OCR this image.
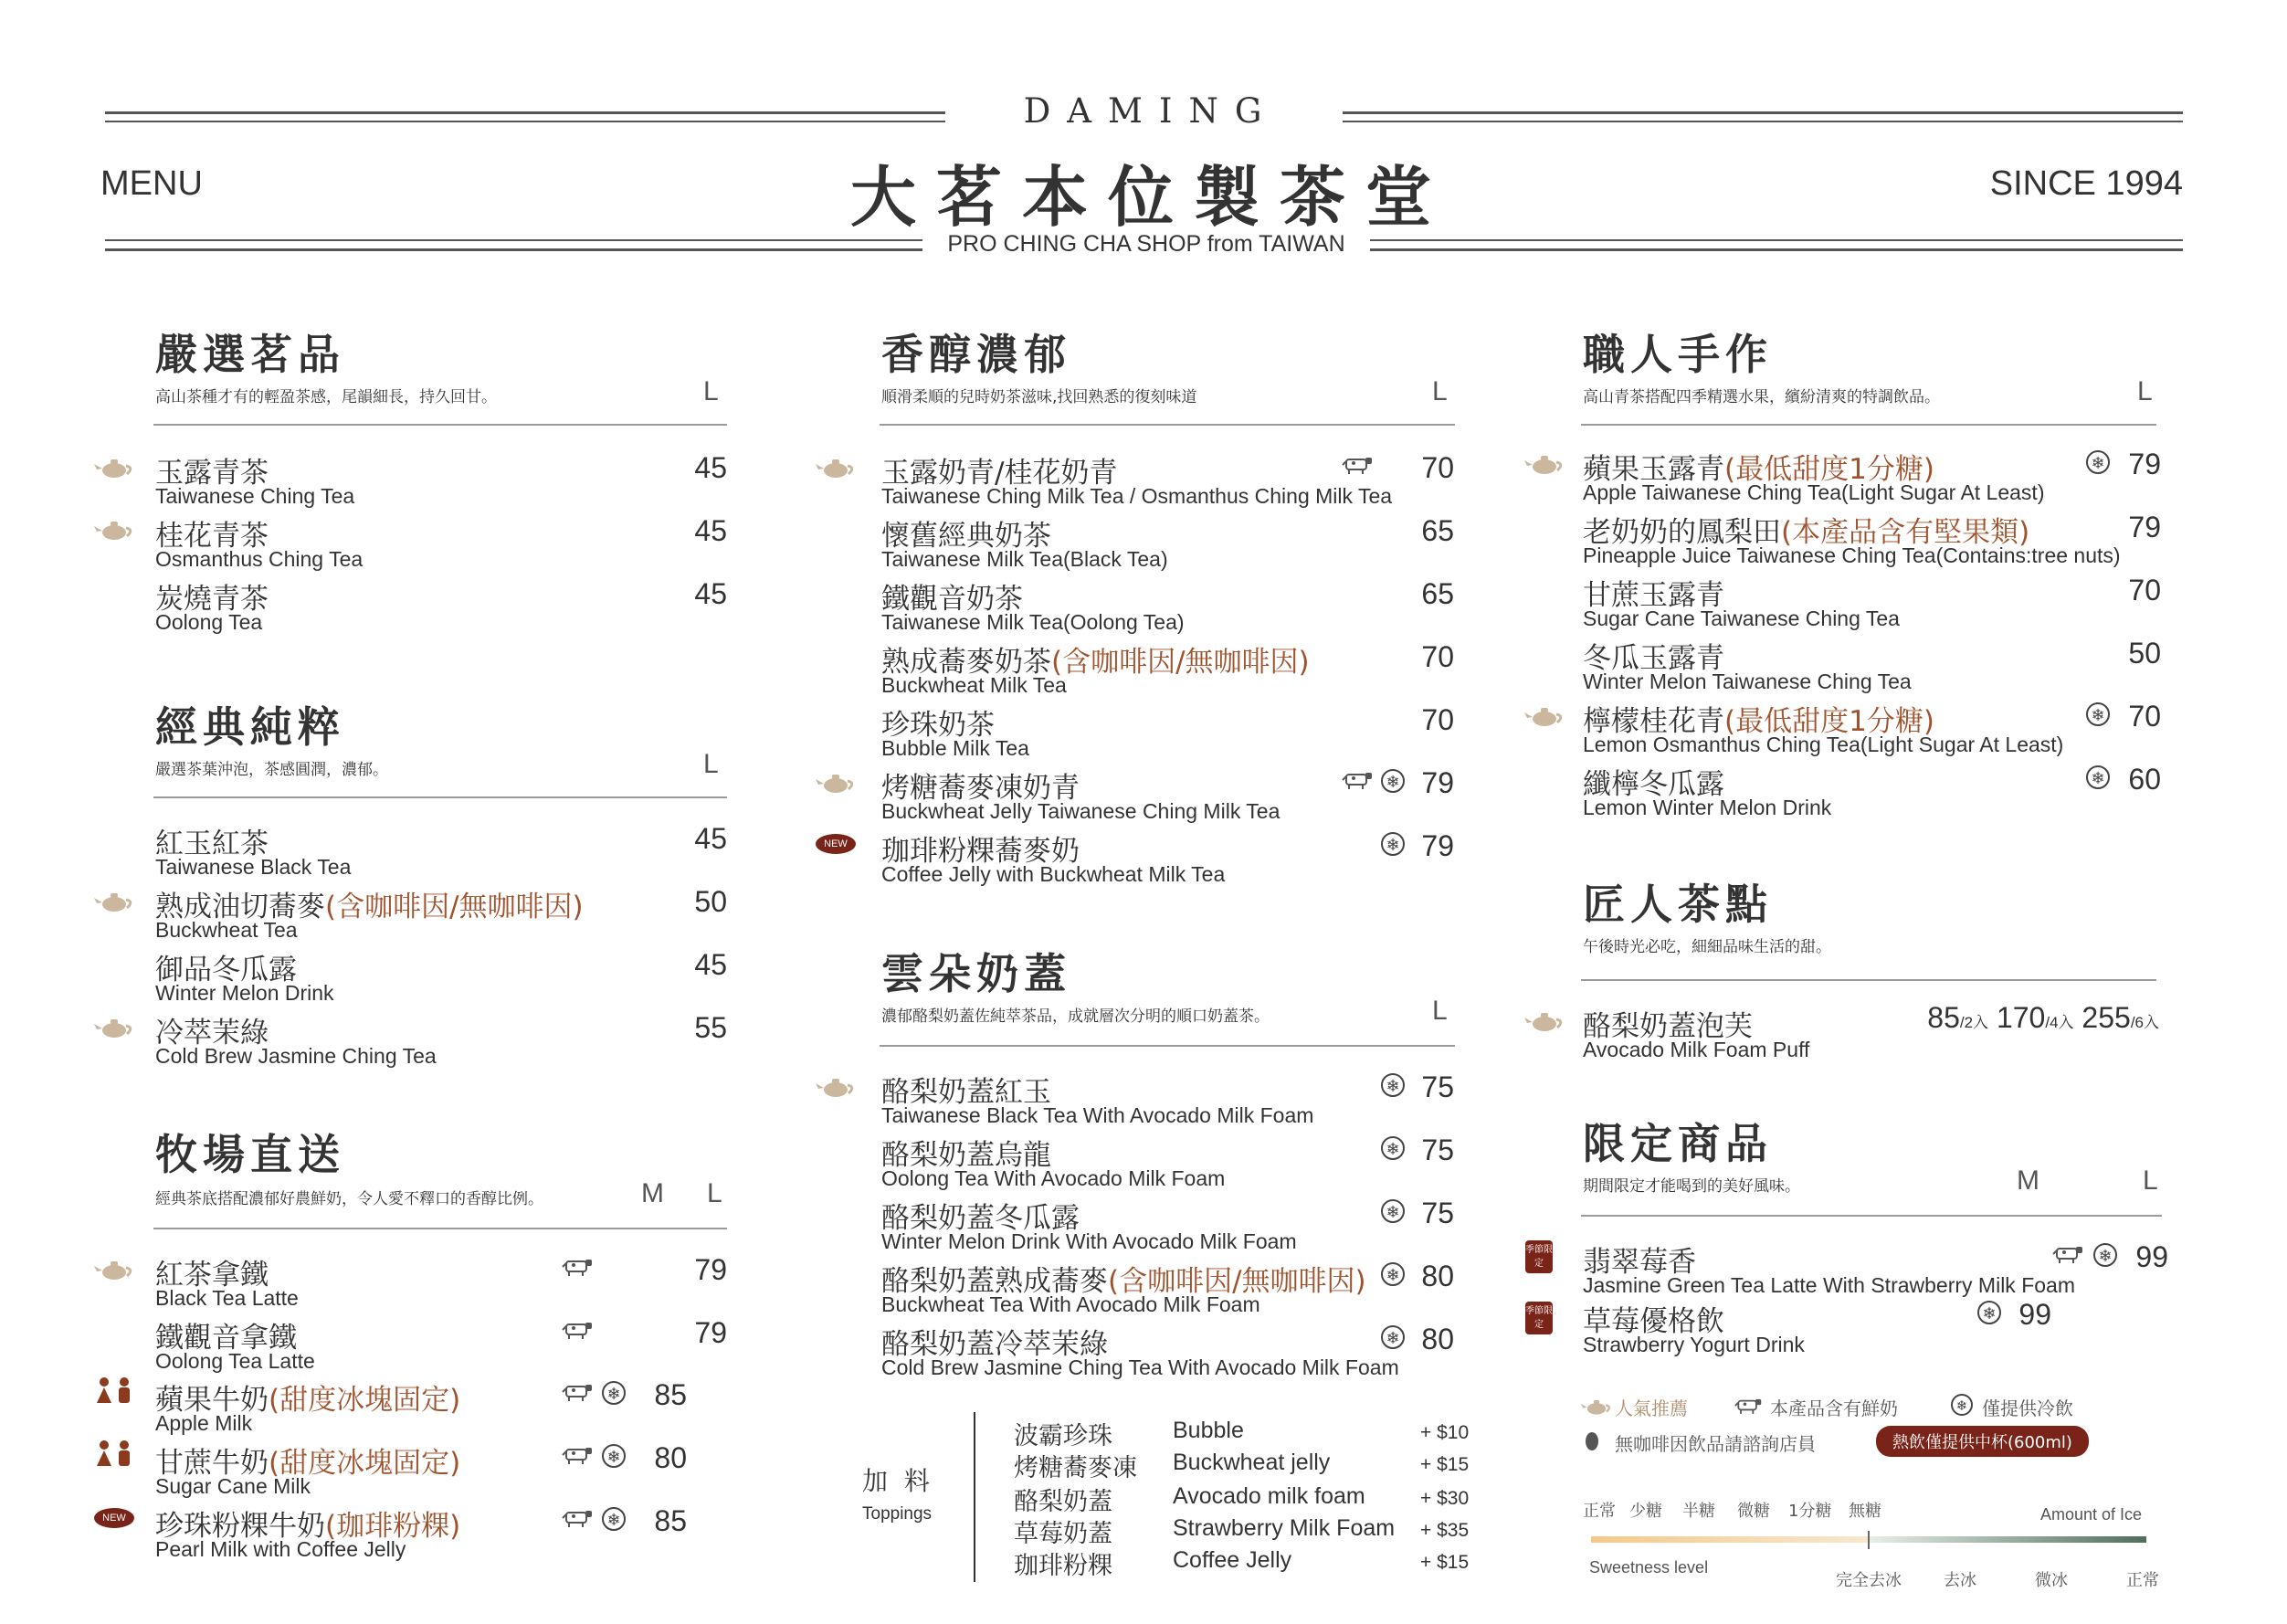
DAMING
大茗本位製茶堂
PRO CHING CHA SHOP from TAIWAN
MENU	SINCE 1994
嚴選茗品
高山茶種才有的輕盈茶感，尾韻細長，持久回甘。	L
玉露青茶
Taiwanese Ching Tea
45
桂花青茶
Osmanthus Ching Tea
45
炭燒青茶
Oolong Tea
45
經典純粹
嚴選茶葉沖泡，茶感圓潤，濃郁。	L
紅玉紅茶
Taiwanese Black Tea
45
熟成油切蕎麥(含咖啡因/無咖啡因)
Buckwheat Tea
50
御品冬瓜露
Winter Melon Drink
45
冷萃茉綠
Cold Brew Jasmine Ching Tea
55
牧場直送
經典茶底搭配濃郁好農鮮奶，令人愛不釋口的香醇比例。	M L
紅茶拿鐵
Black Tea Latte
79
鐵觀音拿鐵
Oolong Tea Latte
79
蘋果牛奶(甜度冰塊固定)
Apple Milk
❄	85
甘蔗牛奶(甜度冰塊固定)
Sugar Cane Milk
❄	80
NEW 珍珠粉粿牛奶(珈琲粉粿)
Pearl Milk with Coffee Jelly
❄	85
香醇濃郁
順滑柔順的兒時奶茶滋味,找回熟悉的復刻味道	L
玉露奶青/桂花奶青
Taiwanese Ching Milk Tea / Osmanthus Ching Milk Tea
70
懷舊經典奶茶
Taiwanese Milk Tea(Black Tea)
65
鐵觀音奶茶
Taiwanese Milk Tea(Oolong Tea)
65
熟成蕎麥奶茶(含咖啡因/無咖啡因)
Buckwheat Milk Tea
70
珍珠奶茶
Bubble Milk Tea
70
烤糖蕎麥凍奶青
Buckwheat Jelly Taiwanese Ching Milk Tea
❄ 79
NEW 珈琲粉粿蕎麥奶
Coffee Jelly with Buckwheat Milk Tea
❄ 79
雲朵奶蓋
濃郁酪梨奶蓋佐純萃茶品，成就層次分明的順口奶蓋茶。	L
酪梨奶蓋紅玉
Taiwanese Black Tea With Avocado Milk Foam
❄ 75
酪梨奶蓋烏龍
Oolong Tea With Avocado Milk Foam
❄ 75
酪梨奶蓋冬瓜露
Winter Melon Drink With Avocado Milk Foam
❄ 75
酪梨奶蓋熟成蕎麥(含咖啡因/無咖啡因)
Buckwheat Tea With Avocado Milk Foam
❄ 80
酪梨奶蓋冷萃茉綠
Cold Brew Jasmine Ching Tea With Avocado Milk Foam
❄ 80
加料
Toppings
波霸珍珠	Bubble	+ $10
烤糖蕎麥凍 Buckwheat jelly	+ $15
酪梨奶蓋	Avocado milk foam	+ $30
草莓奶蓋	Strawberry Milk Foam + $35
珈琲粉粿	Coffee Jelly	+ $15
職人手作
高山青茶搭配四季精選水果，繽紛清爽的特調飲品。	L
蘋果玉露青(最低甜度1分糖)
Apple Taiwanese Ching Tea(Light Sugar At Least)
❄ 79
老奶奶的鳳梨田(本產品含有堅果類)
Pineapple Juice Taiwanese Ching Tea(Contains:tree nuts)
79
甘蔗玉露青
Sugar Cane Taiwanese Ching Tea
70
冬瓜玉露青
Winter Melon Taiwanese Ching Tea
50
檸檬桂花青(最低甜度1分糖)
Lemon Osmanthus Ching Tea(Light Sugar At Least)
❄ 70
纖檸冬瓜露
Lemon Winter Melon Drink
❄ 60
匠人茶點
午後時光必吃，細細品味生活的甜。
酪梨奶蓋泡芙
Avocado Milk Foam Puff
85/2入 170/4入 255/6入
限定商品
期間限定才能喝到的美好風味。	M	L
季節限定	翡翠莓香
Jasmine Green Tea Latte With Strawberry Milk Foam
❄ 99
季節限定	草莓優格飲
Strawberry Yogurt Drink
❄ 99
人氣推薦	本產品含有鮮奶	❄ 僅提供冷飲
無咖啡因飲品請諮詢店員	熱飲僅提供中杯(600ml)
正常 少糖 半糖 微糖 1分糖 無糖	Amount of Ice
Sweetness level
完全去冰	去冰	微冰	正常
